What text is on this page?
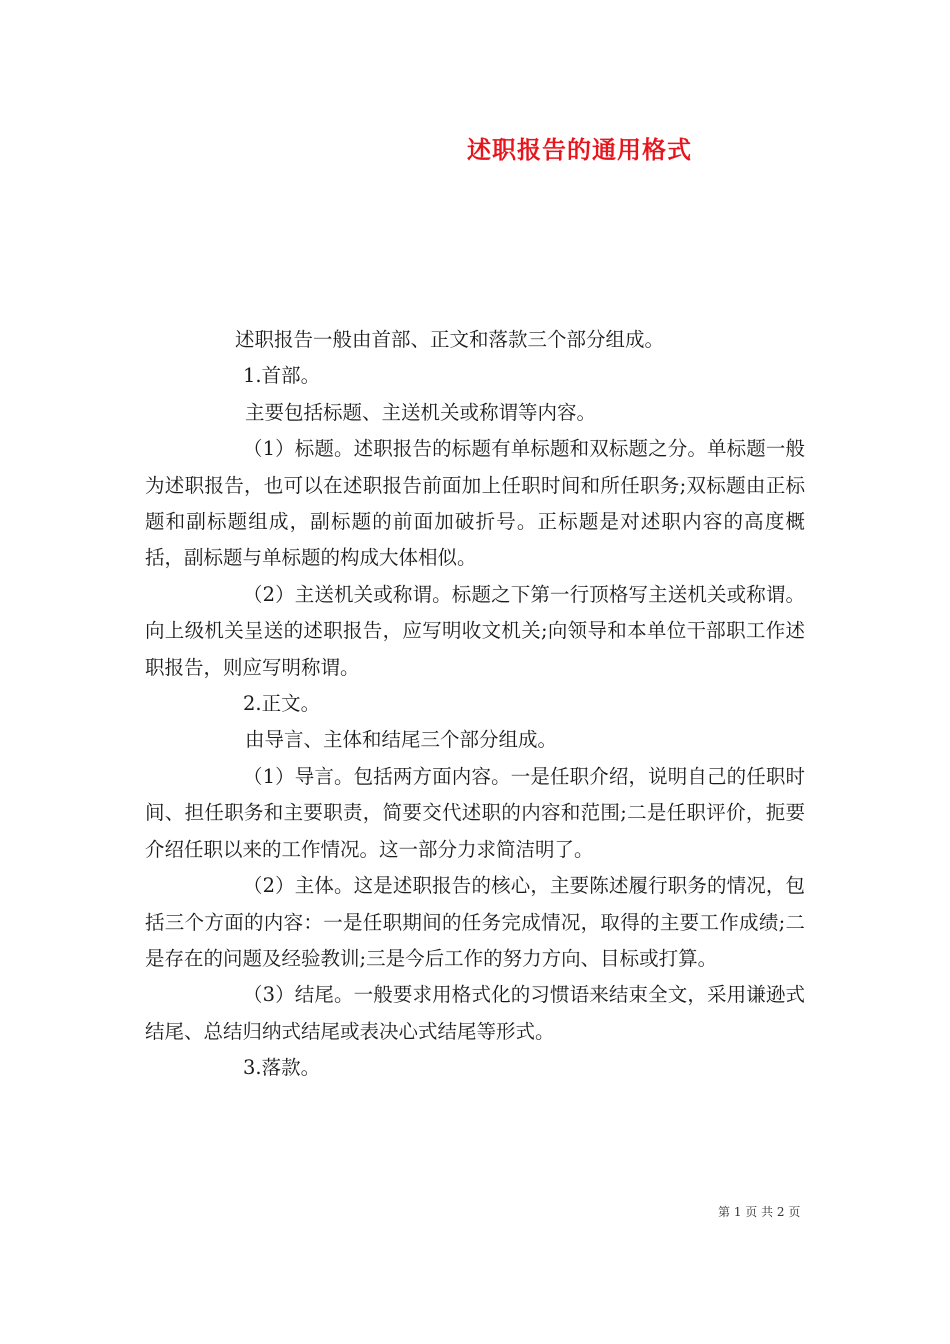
述职报告的通用格式

述职报告一般由首部、正文和落款三个部分组成。

1.首部。

主要包括标题、主送机关或称谓等内容。

（1）标题。述职报告的标题有单标题和双标题之分。单标题一般为述职报告，也可以在述职报告前面加上任职时间和所任职务;双标题由正标题和副标题组成，副标题的前面加破折号。正标题是对述职内容的高度概括，副标题与单标题的构成大体相似。

（2）主送机关或称谓。标题之下第一行顶格写主送机关或称谓。向上级机关呈送的述职报告，应写明收文机关;向领导和本单位干部职工作述职报告，则应写明称谓。

2.正文。

由导言、主体和结尾三个部分组成。

（1）导言。包括两方面内容。一是任职介绍，说明自己的任职时间、担任职务和主要职责，简要交代述职的内容和范围;二是任职评价，扼要介绍任职以来的工作情况。这一部分力求简洁明了。

（2）主体。这是述职报告的核心，主要陈述履行职务的情况，包括三个方面的内容：一是任职期间的任务完成情况，取得的主要工作成绩;二是存在的问题及经验教训;三是今后工作的努力方向、目标或打算。

（3）结尾。一般要求用格式化的习惯语来结束全文，采用谦逊式结尾、总结归纳式结尾或表决心式结尾等形式。

3.落款。

第 1 页 共 2 页
